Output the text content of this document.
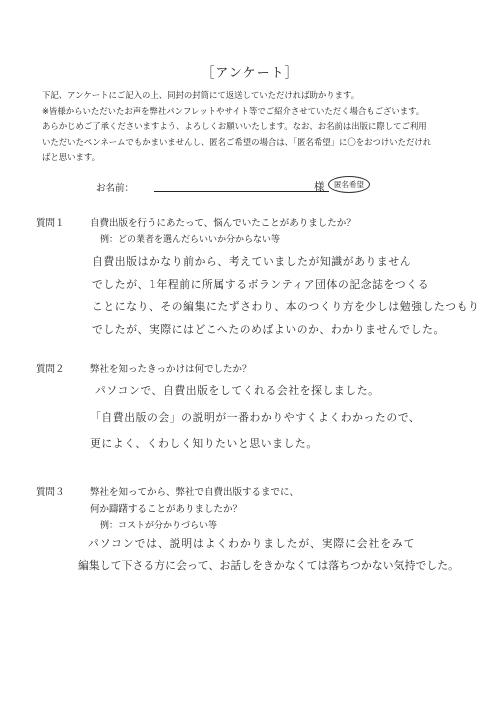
［アンケート］
下記、アンケートにご記入の上、同封の封筒にて返送していただければ助かります。
※皆様からいただいたお声を弊社パンフレットやサイト等でご紹介させていただく場合もございます。
あらかじめご了承くださいますよう、よろしくお願いいたします。なお、お名前は出版に際してご利用
いただいたペンネームでもかまいませんし、匿名ご希望の場合は、「匿名希望」に〇をおつけいただけれ
ばと思います。
お名前：	様	匿名希望
質問１	自費出版を行うにあたって、悩んでいたことがありましたか？
例：どの業者を選んだらいいか分からない等
自費出版はかなり前から、考えていましたが知識がありません
でしたが、1年程前に所属するボランティア団体の記念誌をつくる
ことになり、その編集にたずさわり、本のつくり方を少しは勉強したつもり
でしたが、実際にはどこへたのめばよいのか、わかりませんでした。
質問２	弊社を知ったきっかけは何でしたか？
パソコンで、自費出版をしてくれる会社を探しました。
「自費出版の会」の説明が一番わかりやすくよくわかったので、
更によく、くわしく知りたいと思いました。
質問３	弊社を知ってから、弊社で自費出版するまでに、
何か躊躇することがありましたか？
例：コストが分かりづらい等
パソコンでは、説明はよくわかりましたが、実際に会社をみて
編集して下さる方に会って、お話しをきかなくては落ちつかない気持でした。
